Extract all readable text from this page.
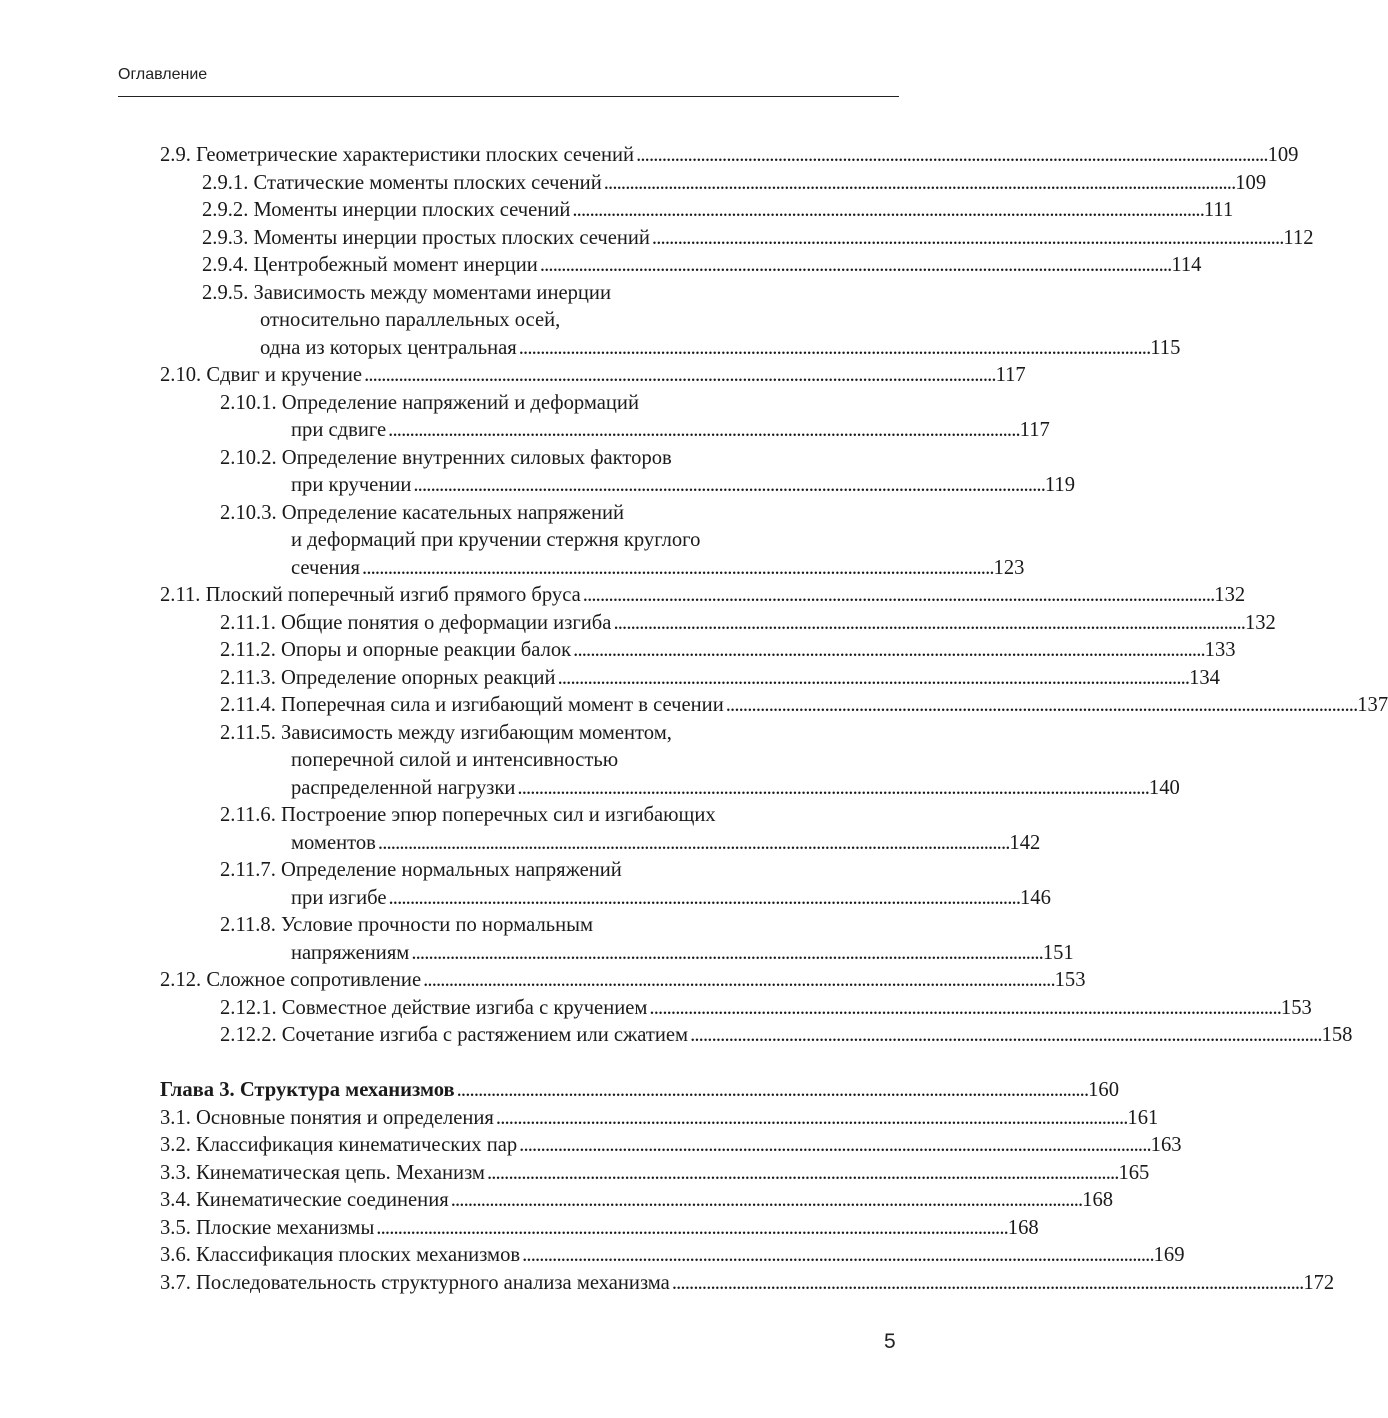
Оглавление
2.9. Геометрические характеристики плоских сечений . . .	109
2.9.1. Статические моменты плоских сечений . . .	109
2.9.2. Моменты инерции плоских сечений . . .	111
2.9.3. Моменты инерции простых плоских сечений . . .	112
2.9.4. Центробежный момент инерции . . .	114
2.9.5. Зависимость между моментами инерции
относительно параллельных осей,
одна из которых центральная . . .	115
2.10. Сдвиг и кручение . . .	117
2.10.1. Определение напряжений и деформаций
при сдвиге . . .	117
2.10.2. Определение внутренних силовых факторов
при кручении . . .	119
2.10.3. Определение касательных напряжений
и деформаций при кручении стержня круглого
сечения . . .	123
2.11. Плоский поперечный изгиб прямого бруса . . .	132
2.11.1. Общие понятия о деформации изгиба . . .	132
2.11.2. Опоры и опорные реакции балок . . .	133
2.11.3. Определение опорных реакций . . .	134
2.11.4. Поперечная сила и изгибающий момент в сечении . . .	137
2.11.5. Зависимость между изгибающим моментом,
поперечной силой и интенсивностью
распределенной нагрузки . . .	140
2.11.6. Построение эпюр поперечных сил и изгибающих
моментов . . .	142
2.11.7. Определение нормальных напряжений
при изгибе . . .	146
2.11.8. Условие прочности по нормальным
напряжениям . . .	151
2.12. Сложное сопротивление . . .	153
2.12.1. Совместное действие изгиба с кручением . . .	153
2.12.2. Сочетание изгиба с растяжением или сжатием . . .	158
Глава 3. Структура механизмов . . .	160
3.1. Основные понятия и определения . . .	161
3.2. Классификация кинематических пар . . .	163
3.3. Кинематическая цепь. Механизм . . .	165
3.4. Кинематические соединения . . .	168
3.5. Плоские механизмы . . .	168
3.6. Классификация плоских механизмов . . .	169
3.7. Последовательность структурного анализа механизма . . .	172
5
